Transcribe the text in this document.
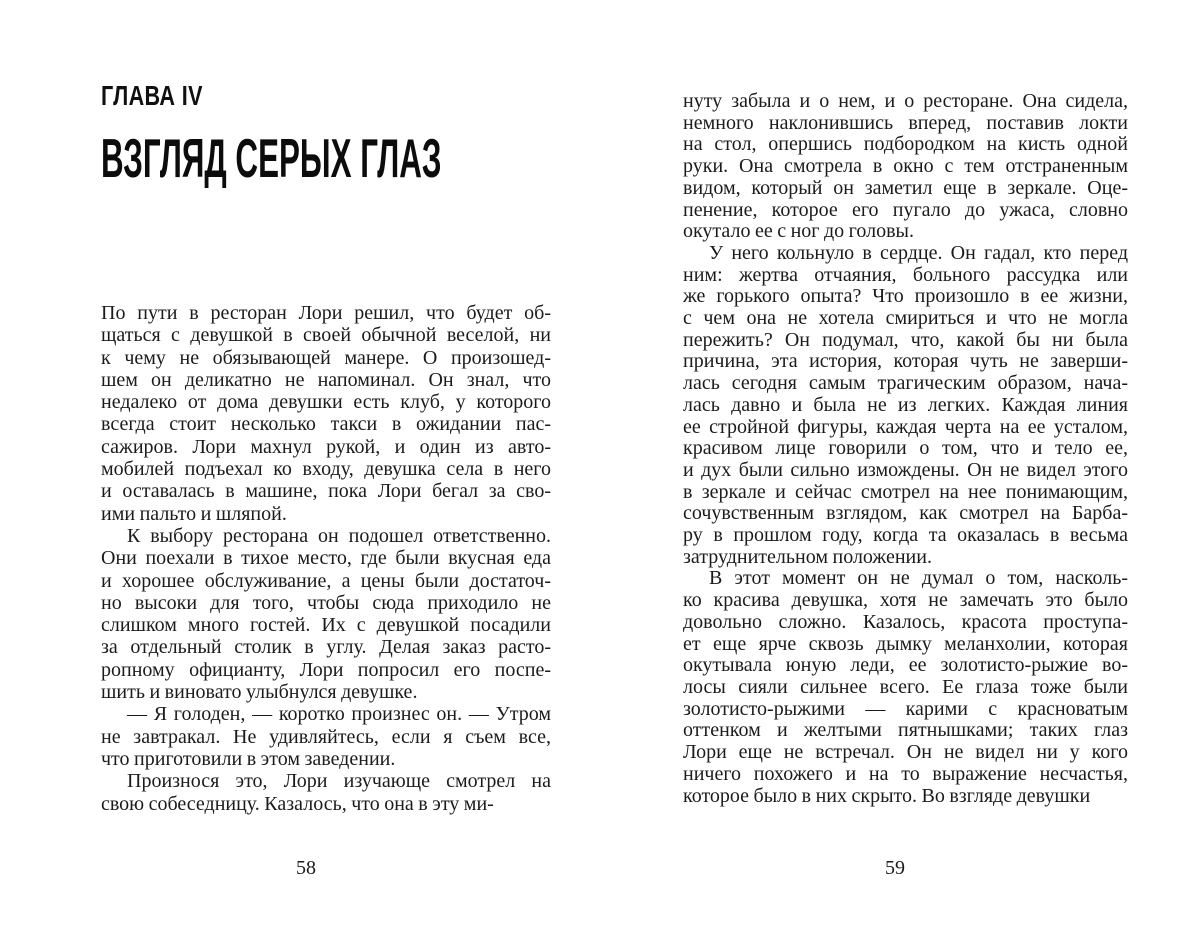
ГЛАВА IV
ВЗГЛЯД СЕРЫХ ГЛАЗ
По пути в ресторан Лори решил, что будет об-
щаться с девушкой в своей обычной веселой, ни
к чему не обязывающей манере. О произошед-
шем он деликатно не напоминал. Он знал, что
недалеко от дома девушки есть клуб, у которого
всегда стоит несколько такси в ожидании пас-
сажиров. Лори махнул рукой, и один из авто-
мобилей подъехал ко входу, девушка села в него
и оставалась в машине, пока Лори бегал за сво-
ими пальто и шляпой.
К выбору ресторана он подошел ответственно.
Они поехали в тихое место, где были вкусная еда
и хорошее обслуживание, а цены были достаточ-
но высоки для того, чтобы сюда приходило не
слишком много гостей. Их с девушкой посадили
за отдельный столик в углу. Делая заказ расто-
ропному официанту, Лори попросил его поспе-
шить и виновато улыбнулся девушке.
— Я голоден, — коротко произнес он. — Утром
не завтракал. Не удивляйтесь, если я съем все,
что приготовили в этом заведении.
Произнося это, Лори изучающе смотрел на
свою собеседницу. Казалось, что она в эту ми-
нуту забыла и о нем, и о ресторане. Она сидела,
немного наклонившись вперед, поставив локти
на стол, опершись подбородком на кисть одной
руки. Она смотрела в окно с тем отстраненным
видом, который он заметил еще в зеркале. Оце-
пенение, которое его пугало до ужаса, словно
окутало ее с ног до головы.
У него кольнуло в сердце. Он гадал, кто перед
ним: жертва отчаяния, больного рассудка или
же горького опыта? Что произошло в ее жизни,
с чем она не хотела смириться и что не могла
пережить? Он подумал, что, какой бы ни была
причина, эта история, которая чуть не заверши-
лась сегодня самым трагическим образом, нача-
лась давно и была не из легких. Каждая линия
ее стройной фигуры, каждая черта на ее усталом,
красивом лице говорили о том, что и тело ее,
и дух были сильно измождены. Он не видел этого
в зеркале и сейчас смотрел на нее понимающим,
сочувственным взглядом, как смотрел на Барба-
ру в прошлом году, когда та оказалась в весьма
затруднительном положении.
В этот момент он не думал о том, насколь-
ко красива девушка, хотя не замечать это было
довольно сложно. Казалось, красота проступа-
ет еще ярче сквозь дымку меланхолии, которая
окутывала юную леди, ее золотисто-рыжие во-
лосы сияли сильнее всего. Ее глаза тоже были
золотисто-рыжими — карими с красноватым
оттенком и желтыми пятнышками; таких глаз
Лори еще не встречал. Он не видел ни у кого
ничего похожего и на то выражение несчастья,
которое было в них скрыто. Во взгляде девушки
58	59
